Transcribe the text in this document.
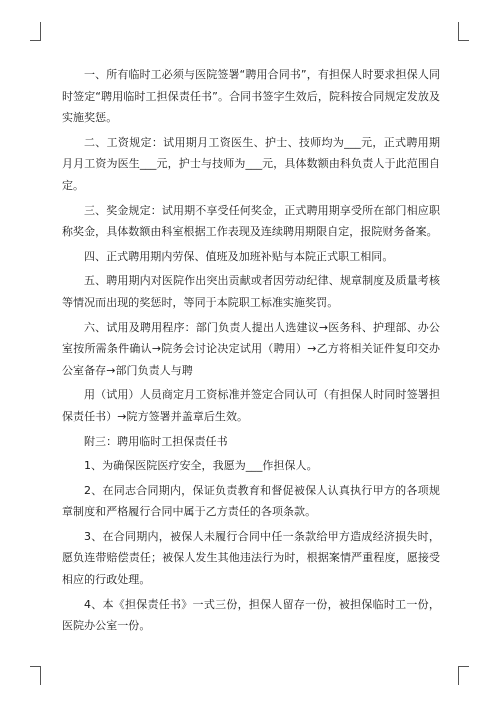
一、所有临时工必须与医院签署“聘用合同书”，有担保人时要求担保人同时签定“聘用临时工担保责任书”。合同书签字生效后，院科按合同规定发放及实施奖惩。

二、工资规定：试用期月工资医生、护士、技师均为___元，正式聘用期月月工资为医生___元，护士与技师为___元，具体数额由科负责人于此范围自定。

三、奖金规定：试用期不享受任何奖金，正式聘用期享受所在部门相应职称奖金，具体数额由科室根据工作表现及连续聘用期限自定，报院财务备案。

四、正式聘用期内劳保、值班及加班补贴与本院正式职工相同。

五、聘用期内对医院作出突出贡献或者因劳动纪律、规章制度及质量考核等情况而出现的奖惩时，等同于本院职工标准实施奖罚。

六、试用及聘用程序：部门负责人提出人选建议→医务科、护理部、办公室按所需条件确认→院务会讨论决定试用（聘用）→乙方将相关证件复印交办公室备存→部门负责人与聘

用（试用）人员商定月工资标准并签定合同认可（有担保人时同时签署担保责任书）→院方签署并盖章后生效。

附三：聘用临时工担保责任书

1、为确保医院医疗安全，我愿为___作担保人。

2、在同志合同期内，保证负责教育和督促被保人认真执行甲方的各项规章制度和严格履行合同中属于乙方责任的各项条款。

3、在合同期内，被保人未履行合同中任一条款给甲方造成经济损失时，愿负连带赔偿责任；被保人发生其他违法行为时，根据案情严重程度，愿接受相应的行政处理。

4、本《担保责任书》一式三份，担保人留存一份，被担保临时工一份，医院办公室一份。
